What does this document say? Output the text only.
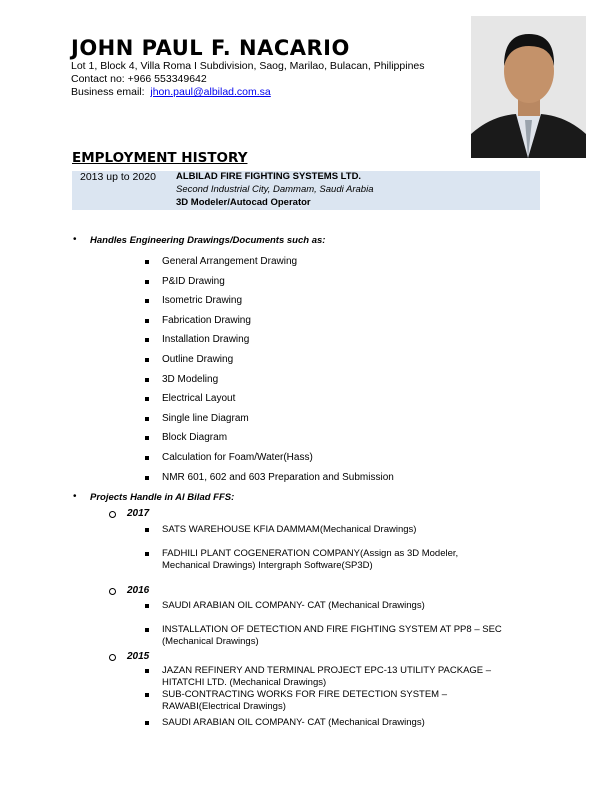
JOHN PAUL F. NACARIO
Lot 1, Block 4, Villa Roma I Subdivision, Saog, Marilao, Bulacan, Philippines
Contact no: +966 553349642
Business email: jhon.paul@albilad.com.sa
EMPLOYMENT HISTORY
2013 up to 2020 ALBILAD FIRE FIGHTING SYSTEMS LTD.
Second Industrial City, Dammam, Saudi Arabia
3D Modeler/Autocad Operator
• Handles Engineering Drawings/Documents such as:
• Projects Handle in Al Bilad FFS:
General Arrangement Drawing
P&ID Drawing
Isometric Drawing
Fabrication Drawing
Installation Drawing
Outline Drawing
3D Modeling
Electrical Layout
Single line Diagram
Block Diagram
Calculation for Foam/Water(Hass)
NMR 601, 602 and 603 Preparation and Submission
2017
SATS WAREHOUSE KFIA DAMMAM(Mechanical Drawings)
FADHILI PLANT COGENERATION COMPANY(Assign as 3D Modeler,
Mechanical Drawings) Intergraph Software(SP3D)
2016
SAUDI ARABIAN OIL COMPANY- CAT (Mechanical Drawings)
INSTALLATION OF DETECTION AND FIRE FIGHTING SYSTEM AT PP8 – SEC
(Mechanical Drawings)
2015
JAZAN REFINERY AND TERMINAL PROJECT EPC-13 UTILITY PACKAGE –
HITATCHI LTD. (Mechanical Drawings)
SUB-CONTRACTING WORKS FOR FIRE DETECTION SYSTEM –
RAWABI(Electrical Drawings)
SAUDI ARABIAN OIL COMPANY- CAT (Mechanical Drawings)
